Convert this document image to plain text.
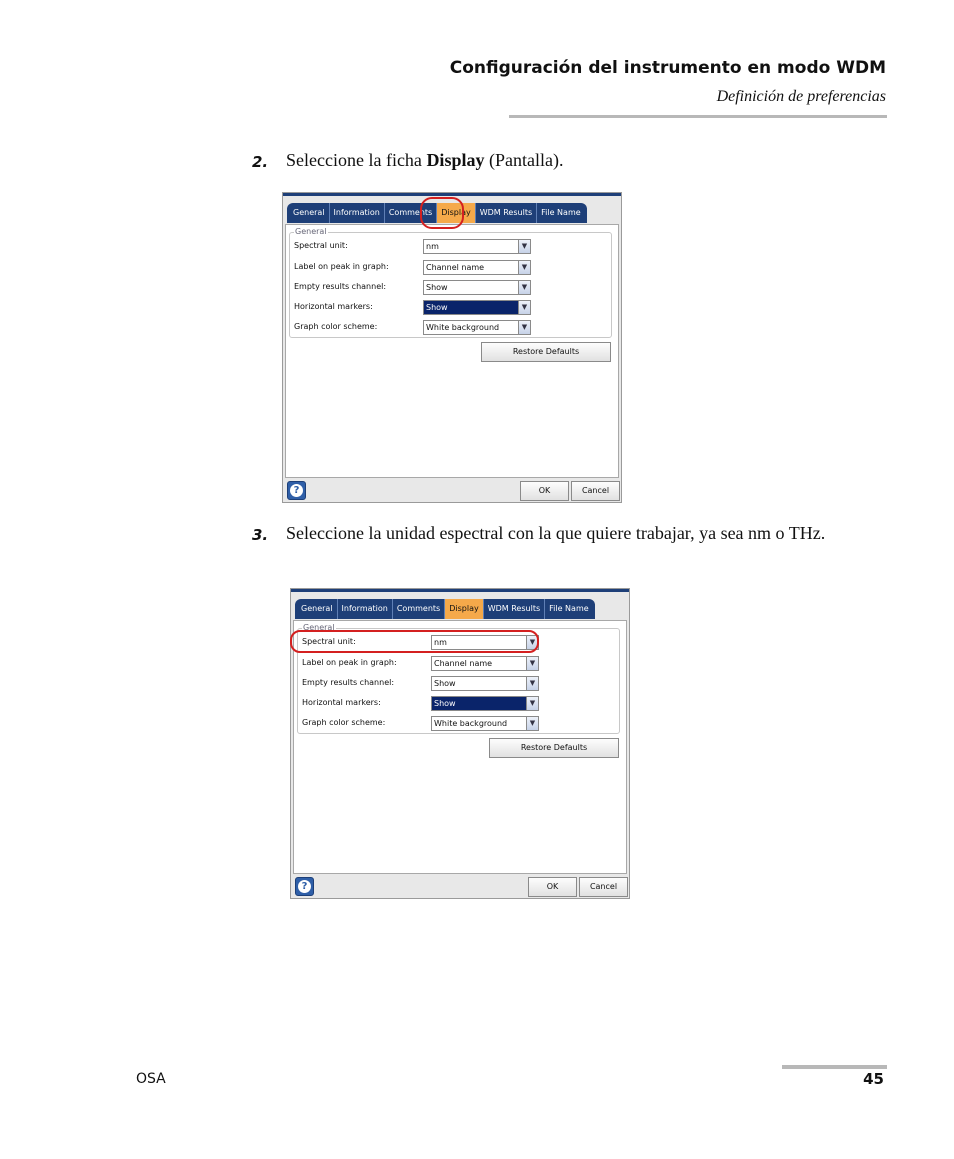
Configuración del instrumento en modo WDM
Definición de preferencias
2. Seleccione la ficha Display (Pantalla).
General	Information	Comments	Display	WDM Results	File Name
General
Spectral unit:	nm	▼
Label on peak in graph:	Channel name	▼
Empty results channel:	Show	▼
Horizontal markers:	Show	▼
Graph color scheme:	White background	▼
Restore Defaults
?	OK	Cancel
3. Seleccione la unidad espectral con la que quiere trabajar, ya sea nm o THz.
General	Information	Comments	Display	WDM Results	File Name
General
Spectral unit:	nm	▼
Label on peak in graph:	Channel name	▼
Empty results channel:	Show	▼
Horizontal markers:	Show	▼
Graph color scheme:	White background	▼
Restore Defaults
?	OK	Cancel
OSA	45
